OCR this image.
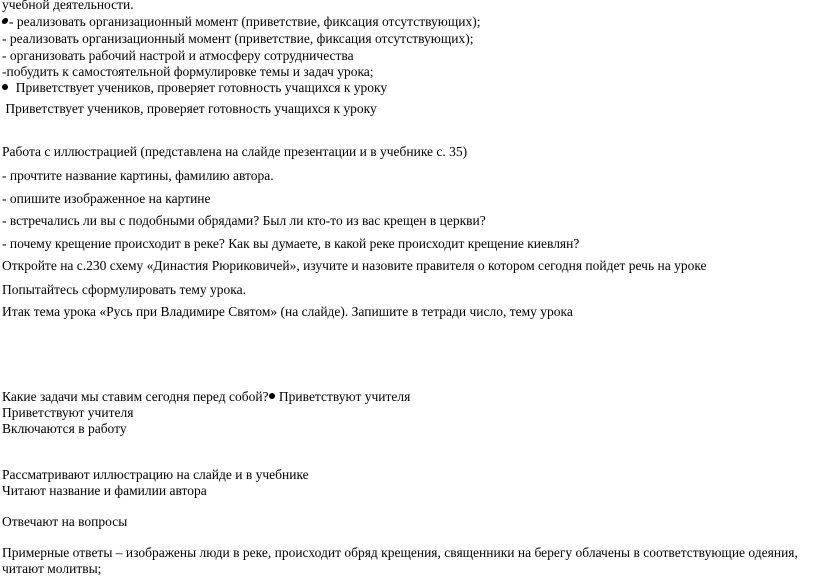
учебной деятельности.
- реализовать организационный момент (приветствие, фиксация отсутствующих);
- реализовать организационный момент (приветствие, фиксация отсутствующих);
- организовать рабочий настрой и атмосферу сотрудничества
-побудить к самостоятельной формулировке темы и задач урока;
Приветствует учеников, проверяет готовность учащихся к уроку
Приветствует учеников, проверяет готовность учащихся к уроку
Работа с иллюстрацией (представлена на слайде презентации и в учебнике с. 35)
- прочтите название картины, фамилию автора.
- опишите изображенное на картине
- встречались ли вы с подобными обрядами? Был ли кто-то из вас крещен в церкви?
- почему крещение происходит в реке? Как вы думаете, в какой реке происходит крещение киевлян?
Откройте на с.230 схему «Династия Рюриковичей», изучите и назовите правителя о котором сегодня пойдет речь на уроке
Попытайтесь сформулировать тему урока.
Итак тема урока «Русь при Владимире Святом» (на слайде). Запишите в тетради число, тему урока
Какие задачи мы ставим сегодня перед собой? Приветствуют учителя
Приветствуют учителя
Включаются в работу
Рассматривают иллюстрацию на слайде и в учебнике
Читают название и фамилии автора
Отвечают на вопросы
Примерные ответы – изображены люди в реке, происходит обряд крещения, священники на берегу облачены в соответствующие одеяния, читают молитвы;
